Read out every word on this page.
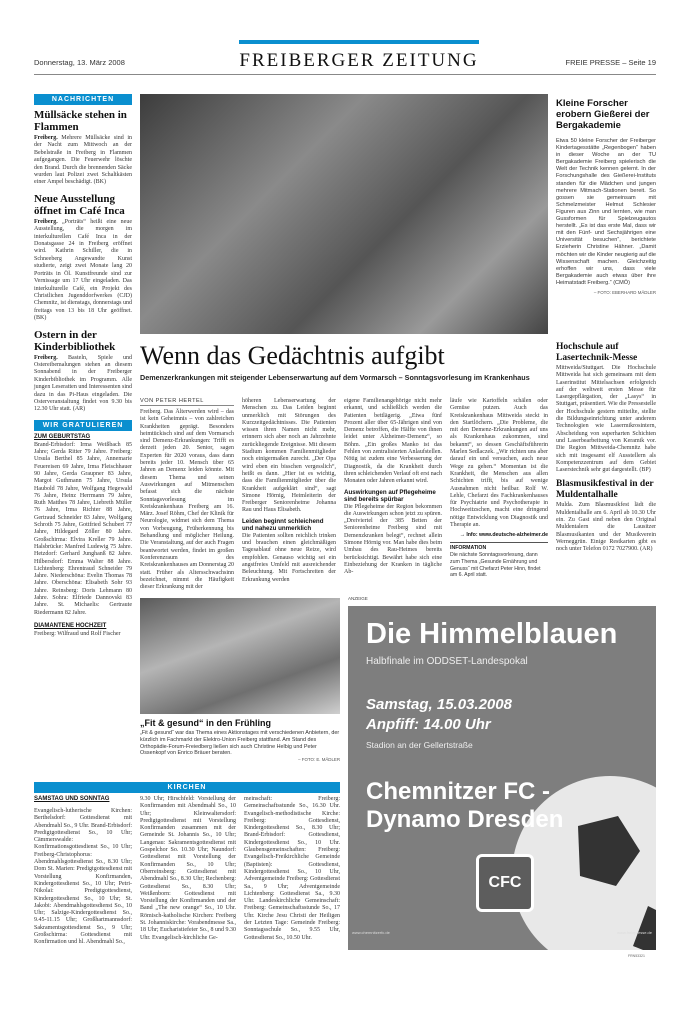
Donnerstag, 13. März 2008	FREIBERGER ZEITUNG	FREIE PRESSE – Seite 19
NACHRICHTEN
Müllsäcke stehen in Flammen
Freiberg. Mehrere Müllsäcke sind in der Nacht zum Mittwoch an der Bebelstraße in Freiberg in Flammen aufgegangen. Die Feuerwehr löschte den Brand. Durch die brennenden Säcke wurden laut Polizei zwei Schaltkästen einer Ampel beschädigt. (BK)
Neue Ausstellung öffnet im Café Inca
Freiberg. „Porträts“ heißt eine neue Ausstellung, die morgen im interkulturellen Café Inca in der Donatsgasse 24 in Freiberg eröffnet wird. Kathrin Schiller, die in Schneeberg Angewandte Kunst studierte, zeigt zwei Monate lang 20 Porträts in Öl. Kunstfreunde sind zur Vernissage um 17 Uhr eingeladen. Das interkulturelle Café, ein Projekt des Christlichen Jugenddorfwerkes (CJD) Chemnitz, ist dienstags, donnerstags und freitags von 13 bis 18 Uhr geöffnet. (BK)
Ostern in der Kinderbibliothek
Freiberg. Basteln, Spiele und Ostereibemalungen stehen an diesem Sonnabend in der Freiberger Kinderbibliothek im Programm. Alle jungen Leseratten und Interessenten sind dazu in das Pi-Haus eingeladen. Die Osterveranstaltung findet von 9.30 bis 12.30 Uhr statt. (AR)
WIR GRATULIEREN
ZUM GEBURTSTAG
Brand-Erbisdorf: Irma Weißbach 85 Jahre; Gerda Ritter 79 Jahre. Freiberg: Ursula Berthel 85 Jahre, Annemarie Feuereisen 69 Jahre, Irma Fleischhauer 90 Jahre, Gerda Graupner 83 Jahre, Margot Guthmann 75 Jahre, Ursula Haubold 78 Jahre, Wolfgang Hegewald 76 Jahre, Heinz Herrmann 79 Jahre, Ruth Matthes 78 Jahre, Liebreth Müller 76 Jahre, Irma Richter 88 Jahre, Gertraud Schneider 83 Jahre, Wolfgang Schroth 75 Jahre, Gottfried Schubert 77 Jahre, Hildegard Zöller 80 Jahre. Großschirma: Elvira Kreller 79 Jahre. Halsbrücke: Manfred Ludewig 75 Jahre. Hetzdorf: Gerhard Junghanß 82 Jahre. Hilbersdorf: Emma Walter 88 Jahre. Lichtenberg: Ehrentraud Schneider 79 Jahre. Niederschöna: Evelin Thomas 78 Jahre. Oberschöna: Elisabeth Sohr 93 Jahre. Reinsberg: Doris Lehmann 80 Jahre. Sohra: Elfriede Dannovski 83 Jahre. St. Michaelis: Gertraute Riedermann 82 Jahre.
DIAMANTENE HOCHZEIT
Freiberg: Wilfraud und Rolf Fischer
Kleine Forscher erobern Gießerei der Bergakademie
Etwa 50 kleine Forscher der Freiberger Kindertagesstätte „Regenbogen“ haben in dieser Woche an der TU Bergakademie Freiberg spielerisch die Welt der Technik kennen gelernt. In der Forschungshalle des Gießerei-Instituts standen für die Mädchen und jungen mehrere Mitmach-Stationen bereit. So gossen sie gemeinsam mit Schmelzmeister Helmut Schlesier Figuren aus Zinn und lernten, wie man Gussformen für Spielzeugautos herstellt. „Es ist das erste Mal, dass wir mit den Fünf- und Sechsjährigen eine Universität besuchen“, berichtete Erzieherin Christine Hähner. „Damit möchten wir die Kinder neugierig auf die Wissenschaft machen. Gleichzeitig erhoffen wir uns, dass viele Bergakademie auch etwas über ihre Heimatstadt Freiberg.“ (CMÖ)
– FOTO: EBERHARD MÄDLER
Wenn das Gedächtnis aufgibt
Demenzerkrankungen mit steigender Lebenserwartung auf dem Vormarsch – Sonntagsvorlesung im Krankenhaus
VON PETER HERTEL
Freiberg. Das Älterwerden wird – das ist kein Geheimnis – von zahlreichen Krankheiten geprägt. Besonders heimtückisch sind auf dem Vormarsch sind Demenz-Erkrankungen: Trifft es derzeit jeden 20. Senior, sagen Experten für 2020 voraus, dass dann bereits jeder 10. Mensch über 65 Jahren an Demenz leiden könnte. Mit diesem Thema und seinen Auswirkungen auf Mitmenschen befasst sich die nächste Sonntagsvorlesung im Kreiskrankenhaus Freiberg am 16. März. Josef Röhm, Chef der Klinik für Neurologie, widmet sich dem Thema von Vorbeugung, Früherkennung bis Behandlung und möglicher Heilung. Die Veranstaltung, auf der auch Fragen beantwortet werden, findet im großen Konferenzraum des Kreiskrankenhauses am Donnerstag 20 statt. Früher als Altersschwachsinn bezeichnet, nimmt die Häufigkeit dieser Erkrankung mit der
höheren Lebenserwartung der Menschen zu. Das Leiden beginnt unmerklich mit Störungen des Kurzzeitgedächtnisses. Die Patienten wissen ihren Namen nicht mehr, erinnern sich aber noch an Jahrzehnte zurückliegende Ereignisse. Mit diesem Stadium kommen Familienmitglieder noch einigermaßen zurecht. „Der Opa wird eben ein bisschen vergesslich“, heißt es dann. „Hier ist es wichtig, dass die Familienmitglieder über die Krankheit aufgeklärt sind“, sagt Simone Hörnig, Heimleiterin der Freiberger Seniorenheime Johanna Rau und Haus Elisabeth.
Leiden beginnt schleichend und nahezu unmerklich
Die Patienten sollten reichlich trinken und brauchen einen gleichmäßigen Tagesablauf ohne neue Reize, wird empfohlen. Genauso wichtig sei ein angstfreies Umfeld mit ausreichender Beleuchtung. Mit Fortschreiten der Erkrankung werden
eigene Familienangehörige nicht mehr erkannt, und schließlich werden die Patienten bettlägerig. „Etwa fünf Prozent aller über 65-Jährigen sind von Demenz betroffen, die Hälfte von ihnen leidet unter Alzheimer-Demenz“, so Böhm. „Ein großes Manko ist das Fehlen von zentralisierten Anlaufstellen. Nötig ist zudem eine Verbesserung der Diagnostik, da die Krankheit durch ihren schleichenden Verlauf oft erst nach Monaten oder Jahren erkannt wird.
Auswirkungen auf Pflegeheime sind bereits spürbar
Die Pflegeheime der Region bekommen die Auswirkungen schon jetzt zu spüren. „Dreiviertel der 385 Betten der Seniorenheime Freiberg sind mit Demenzkranken belegt“, rechnet allein Simone Hörnig vor. Man habe dies beim Umbau des Rau-Heimes bereits berücksichtigt. Bewährt habe sich eine Einbeziehung der Kranken in tägliche Ab-
läufe wie Kartoffeln schälen oder Gemüse putzen. Auch das Kreiskrankenhaus Mittweida steckt in den Startlöchern. „Die Probleme, die mit den Demenz-Erkrankungen auf uns als Krankenhaus zukommen, sind bekannt“, so dessen Geschäftsführerin Marlen Sedlaczek. „Wir richten uns aber darauf ein und versuchen, auch neue Wege zu gehen.“ Momentan ist die Krankheit, die Menschen aus allen Schichten trifft, bis auf wenige Ausnahmen nicht heilbar. Rolf W. Lehle, Chefarzt des Fachkrankenhauses für Psychiatrie und Psychotherapie in Hochweitzschen, macht eine dringend nötige Entwicklung von Diagnostik und Therapie an.
→ Info: www.deutsche-alzheimer.de
INFORMATION
Die nächste Sonntagsvorlesung, dann zum Thema „Gesunde Ernährung und Genuss“ mit Chefarzt Peter Hinn, findet am 6. April statt.
„Fit & gesund“ in den Frühling
„Fit & gesund“ war das Thema eines Aktionstages mit verschiedenen Anbietern, der kürzlich im Fachmarkt der Elektro-Union Freiberg stattfand. Am Stand des Orthopädie-Forum-Freiedberg ließen sich auch Christine Helbig und Peter Ossenkopf von Enrico Bräuer beraten.
– FOTO: E. MÄDLER
Hochschule auf Lasertechnik-Messe
Mittweida/Stuttgart. Die Hochschule Mittweida hat sich gemeinsam mit dem Laserinstitut Mittelsachsen erfolgreich auf der weltweit ersten Messe für Lasergepflärgation, der „Lasys“ in Stuttgart, präsentiert. Wie die Pressestelle der Hochschule gestern mitteilte, stellte die Bildungseinrichtung unter anderem Technologien wie Lasermikrosintern, Abscheidung von superharten Schichten und Laserbearbeitung von Keramik vor. Die Region Mittweida-Chemnitz habe sich mit insgesamt elf Ausstellern als Kompetenzzentrum auf dem Gebiet Laserstechnik sehr gut dargestellt. (BP)
Blasmusikfestival in der Muldentalhalle
Mulda. Zum Blasmusikfest lädt die Muldentalhalle am 6. April ab 10.30 Uhr ein. Zu Gast sind neben den Original Muldentalern die Lausitzer Blasmusikanten und der Musikverein Werneggrün. Einige Restkarten gibt es noch unter Telefon 0172 7027900. (AR)
KIRCHEN
SAMSTAG UND SONNTAG
Evangelisch-lutherische Kirchen: Berthelsdorf: Gottesdienst mit Abendmahl So., 9 Uhr. Brand-Erbisdorf: Predigtgottesdienst So., 10 Uhr; Cämmerswalde: Konfirmationsgottesdienst So., 10 Uhr; Freiberg-Christophorus: Abendmahlsgottesdienst So., 8.30 Uhr; Dom St. Marien: Predigtgottesdienst mit Vorstellung Konfirmanden, Kindergottesdienst So., 10 Uhr; Petri-Nikolai: Predigtgottesdienst, Kindergottesdienst So., 10 Uhr; St. Jakobi: Abendmahlsgottesdienst So., 10 Uhr; Salzige-Kindergottesdienst So., 9.45-11.15 Uhr; Großhartmannsdorf: Sakramentsgottesdienst So., 9 Uhr; Großschirma: Gottesdienst mit Konfirmation und hl. Abendmahl So.,
9.30 Uhr; Hirschfeld: Vorstellung der Konfirmanden mit Abendmahl So., 10 Uhr; Kleinwaltersdorf: Predigtgottesdienst mit Vorstellung Konfirmanden zusammen mit der Gemeinde St. Johannis So., 10 Uhr; Langenau: Sakramentsgottesdienst mit Gospelchor So. 10.30 Uhr; Naundorf: Gottesdienst mit Vorstellung der Konfirmanden So., 10 Uhr; Oberreinsberg: Gottesdienst mit Abendmahl So., 8.30 Uhr; Rechenberg: Gottesdienst So., 8.30 Uhr; Weißenborn: Gottesdienst mit Vorstellung der Konfirmanden und der Band „The new orange“ So., 10 Uhr. Römisch-katholische Kirchen: Freiberg St. Johanniskirche: Vorabendmesse Sa., 18 Uhr; Eucharistiefeier So., 8 und 9.30 Uhr. Evangelisch-kirchliche Ge-
meinschaft: Freiberg: Gemeinschaftsstunde So., 16.30 Uhr. Evangelisch-methodistische Kirche: Freiberg: Gottesdienst, Kindergottesdienst So., 8.30 Uhr; Brand-Erbisdorf: Gottesdienst, Kindergottesdienst So., 10 Uhr. Glaubensgemeinschaften: Freiberg: Evangelisch-Freikirchliche Gemeinde (Baptisten): Gottesdienst, Kindergottesdienst So., 10 Uhr, Adventgemeinde Freiberg: Gottesdienst Sa., 9 Uhr; Adventgemeinde Lichtenberg: Gottesdienst Sa., 9.30 Uhr. Landeskirchliche Gemeinschaft: Freiberg: Gemeinschaftsstunde So., 17 Uhr. Kirche Jesu Christi der Heiligen der Letzten Tage: Gemeinde Freiberg: Sonntagsschule So., 9.55 Uhr, Gottesdienst So., 10.50 Uhr.
ANZEIGE
Die Himmelblauen
Halbfinale im ODDSET-Landespokal
Samstag, 15.03.2008
Anpfiff: 14.00 Uhr
Stadion an der Gellertstraße
Chemnitzer FC -
Dynamo Dresden
CFC
www.chemnitzerfc.de	www.freiepresse.de
FRN53321
